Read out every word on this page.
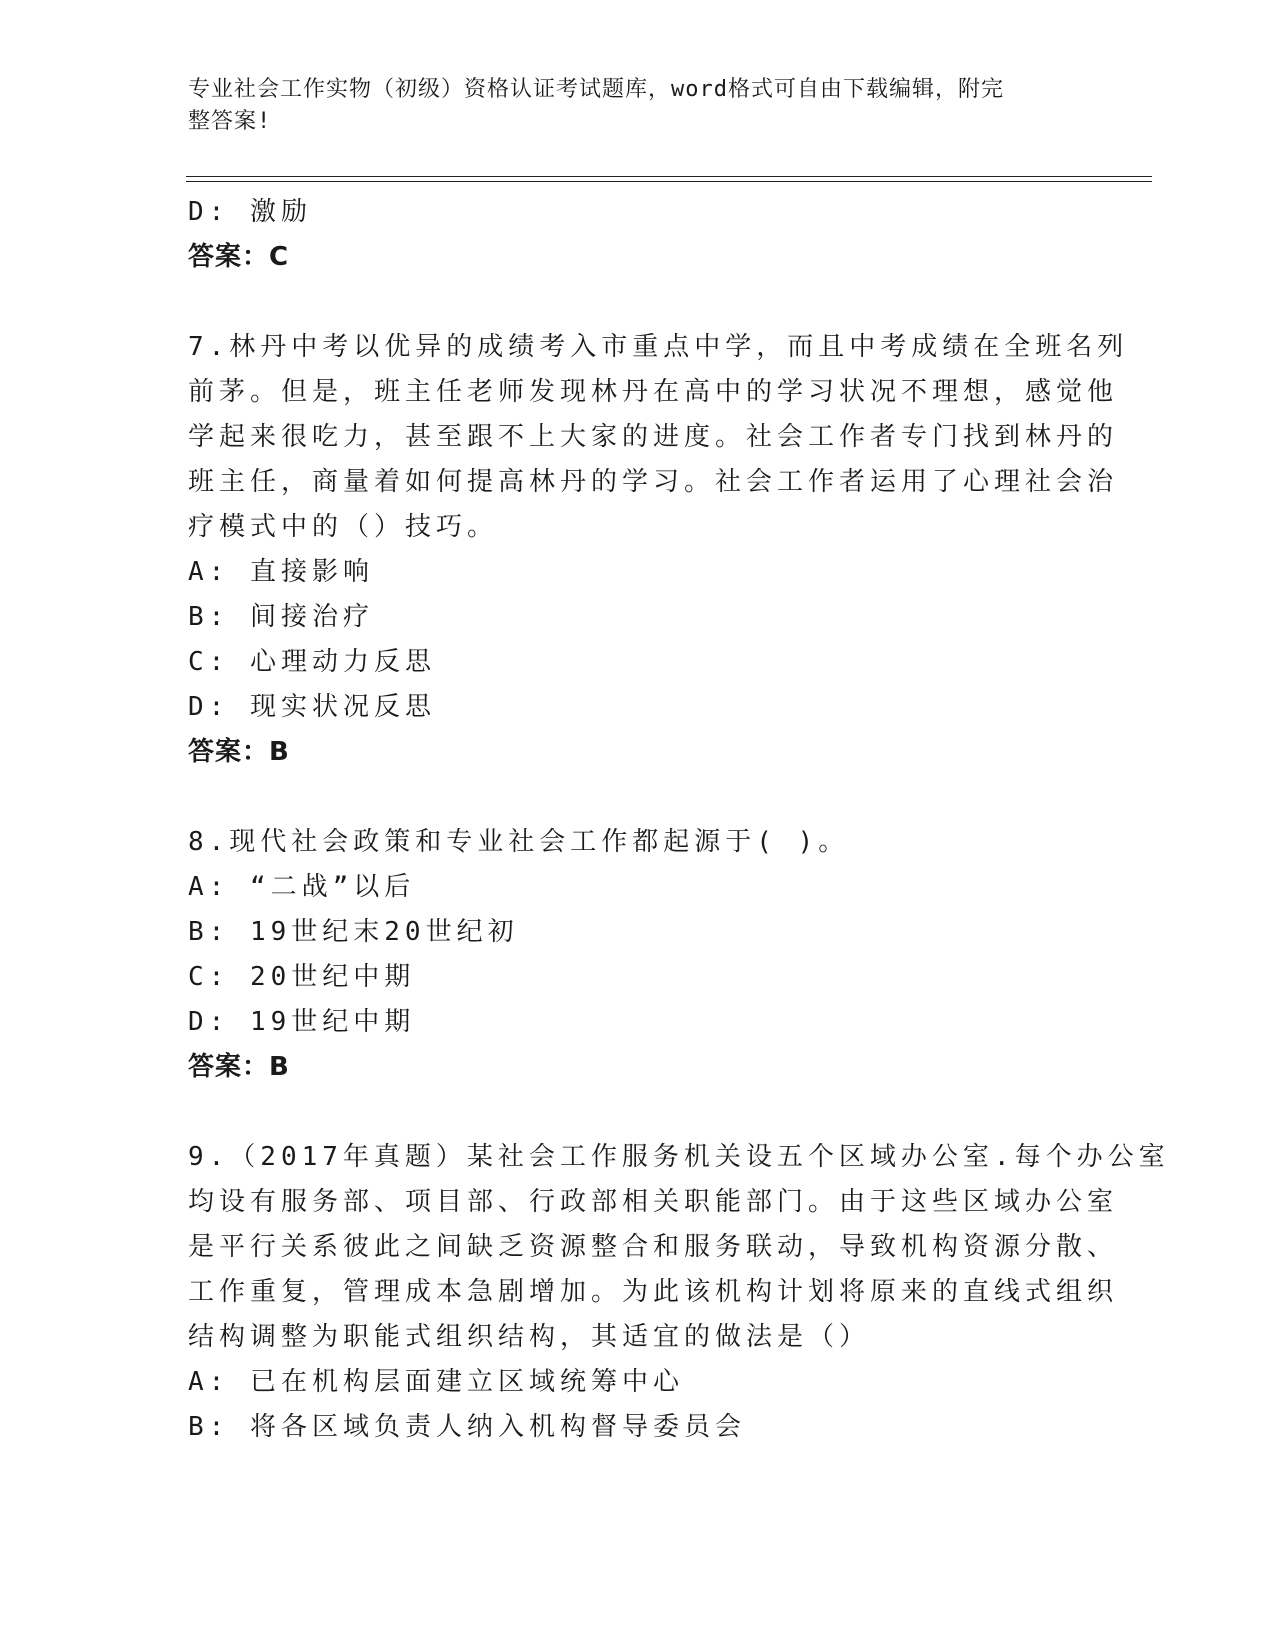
专业社会工作实物（初级）资格认证考试题库，word格式可自由下载编辑，附完
整答案!
D: 激励
答案：C
7.林丹中考以优异的成绩考入市重点中学，而且中考成绩在全班名列
前茅。但是，班主任老师发现林丹在高中的学习状况不理想，感觉他
学起来很吃力，甚至跟不上大家的进度。社会工作者专门找到林丹的
班主任，商量着如何提高林丹的学习。社会工作者运用了心理社会治
疗模式中的（）技巧。
A: 直接影响
B: 间接治疗
C: 心理动力反思
D: 现实状况反思
答案：B
8.现代社会政策和专业社会工作都起源于( )。
A: “二战”以后
B: 19世纪末20世纪初
C: 20世纪中期
D: 19世纪中期
答案：B
9.（2017年真题）某社会工作服务机关设五个区域办公室.每个办公室
均设有服务部、项目部、行政部相关职能部门。由于这些区域办公室
是平行关系彼此之间缺乏资源整合和服务联动，导致机构资源分散、
工作重复，管理成本急剧增加。为此该机构计划将原来的直线式组织
结构调整为职能式组织结构，其适宜的做法是（）
A: 已在机构层面建立区域统筹中心
B: 将各区域负责人纳入机构督导委员会
